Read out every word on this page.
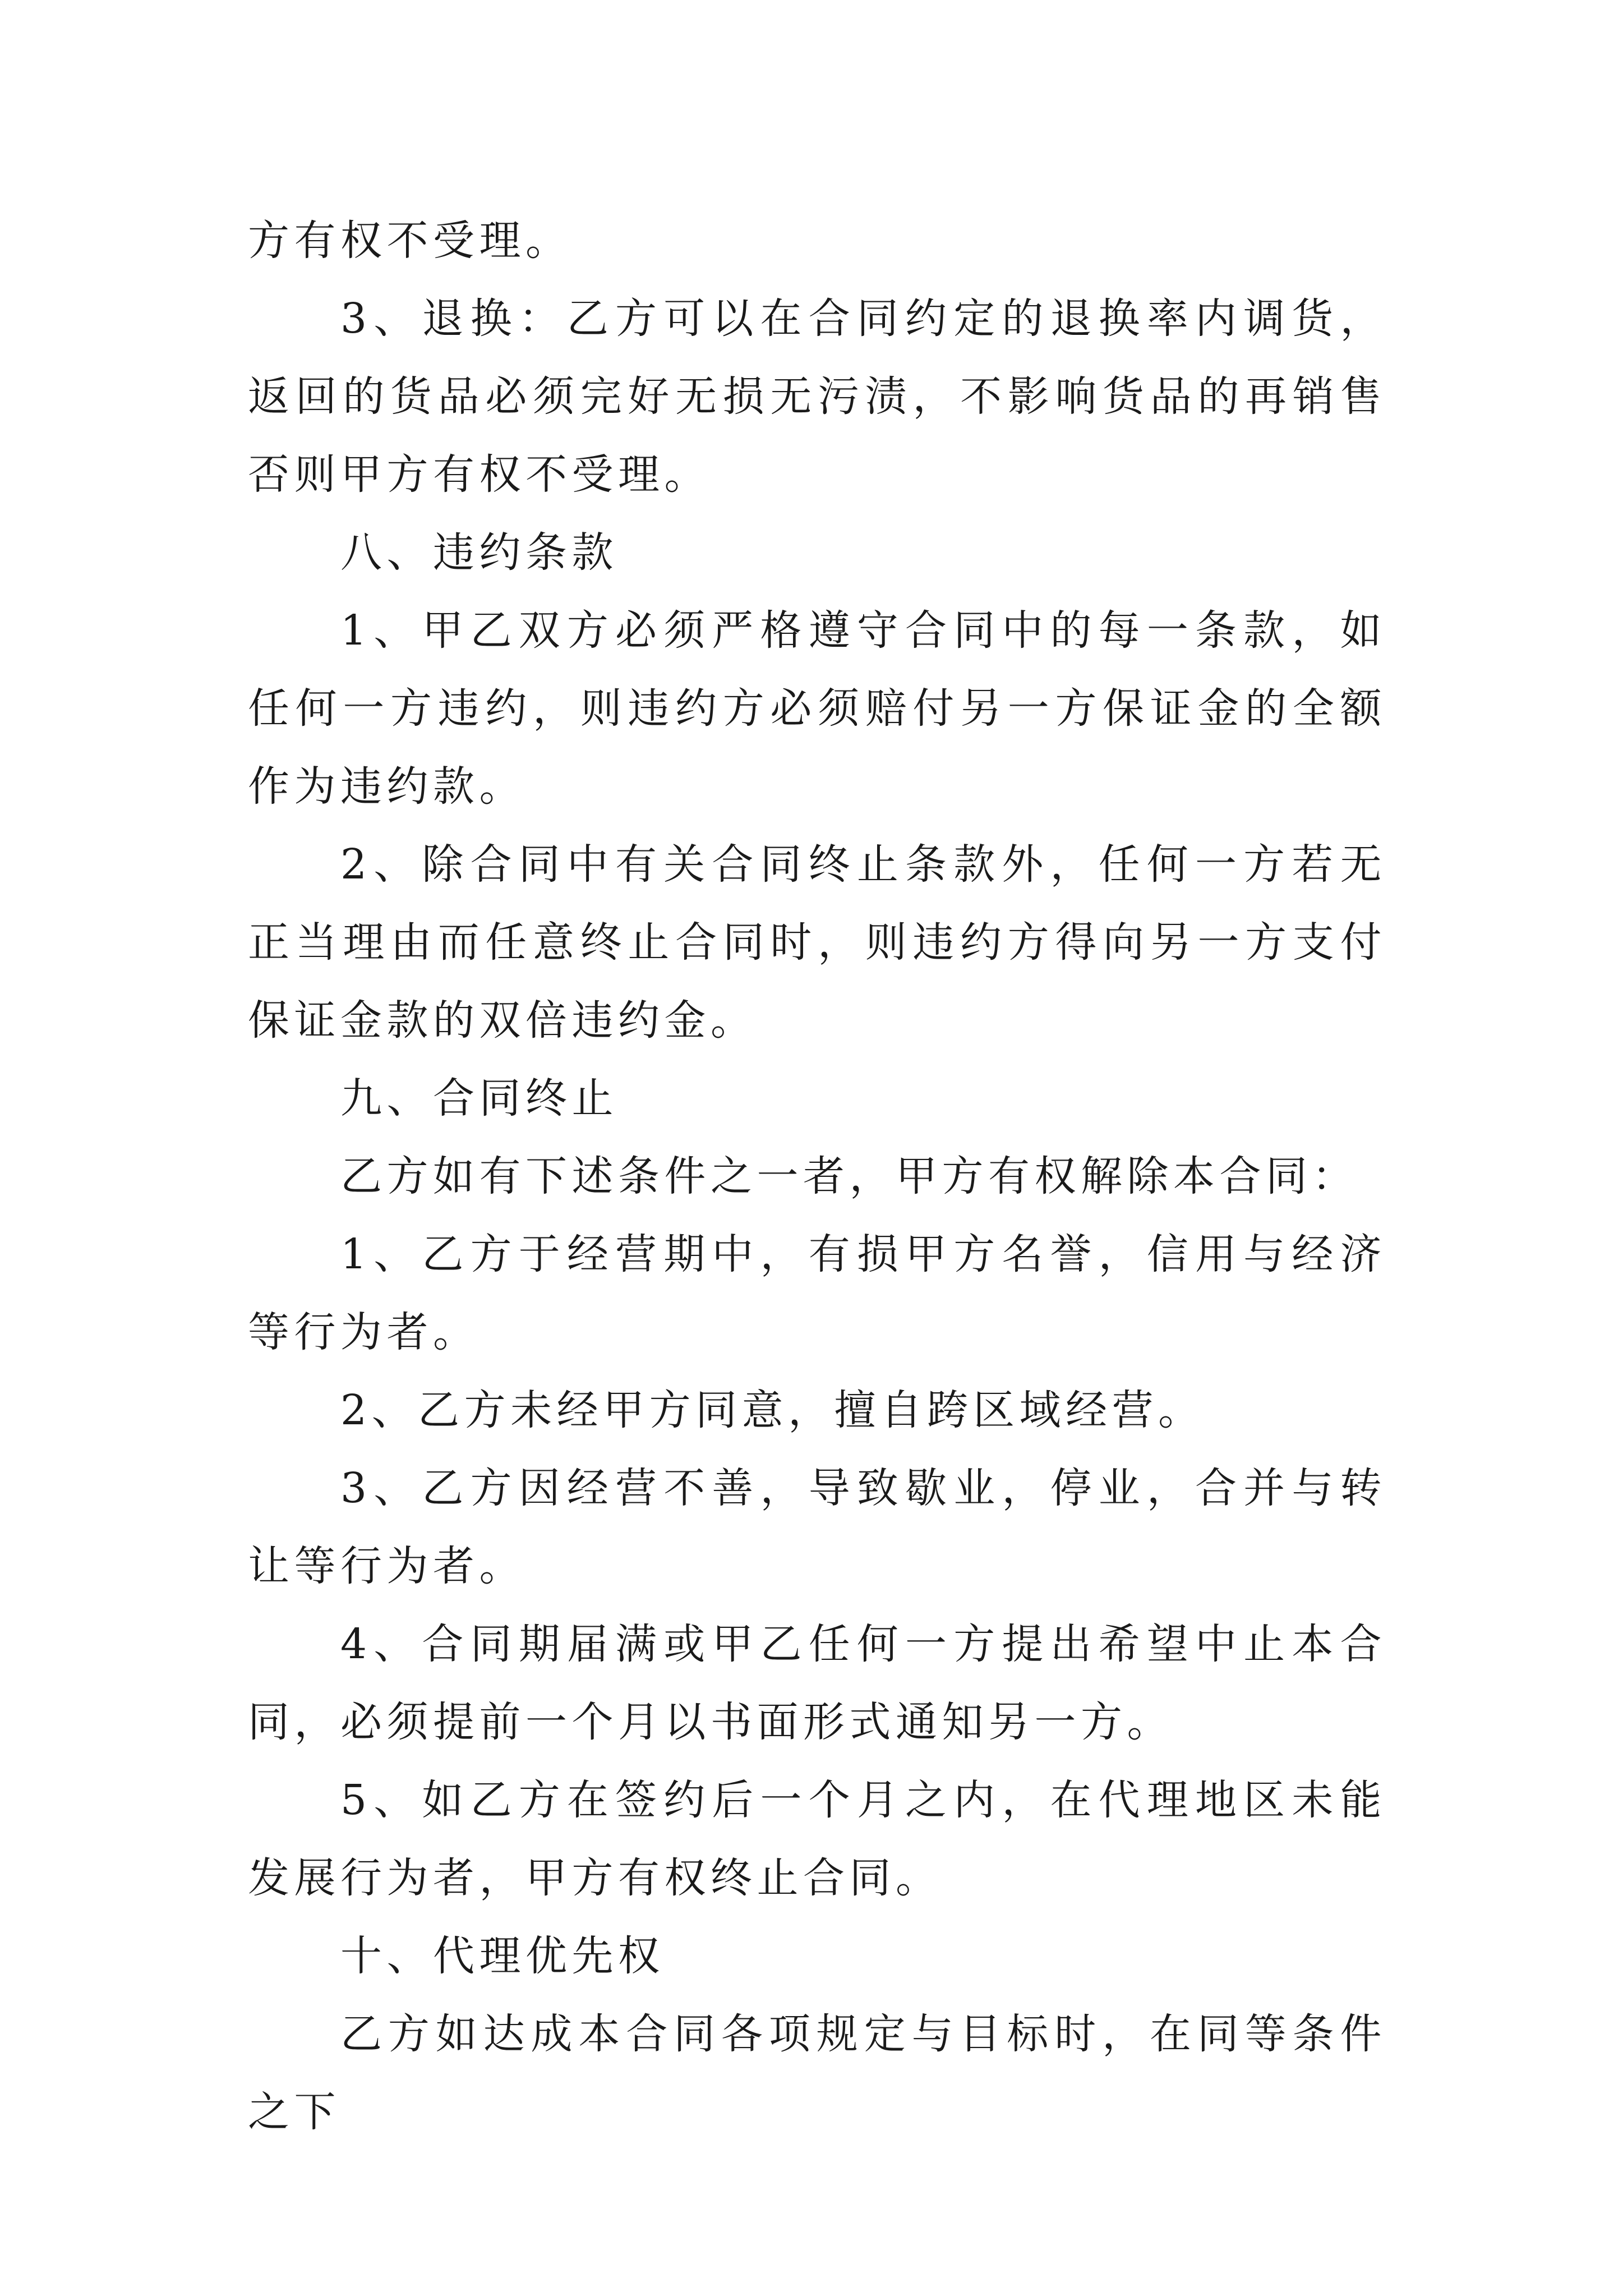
方有权不受理。

3、退换：乙方可以在合同约定的退换率内调货，返回的货品必须完好无损无污渍，不影响货品的再销售否则甲方有权不受理。

八、违约条款

1、甲乙双方必须严格遵守合同中的每一条款，如任何一方违约，则违约方必须赔付另一方保证金的全额作为违约款。

2、除合同中有关合同终止条款外，任何一方若无正当理由而任意终止合同时，则违约方得向另一方支付保证金款的双倍违约金。

九、合同终止

乙方如有下述条件之一者，甲方有权解除本合同：

1、乙方于经营期中，有损甲方名誉，信用与经济等行为者。

2、乙方未经甲方同意，擅自跨区域经营。

3、乙方因经营不善，导致歇业，停业，合并与转让等行为者。

4、合同期届满或甲乙任何一方提出希望中止本合同，必须提前一个月以书面形式通知另一方。

5、如乙方在签约后一个月之内，在代理地区未能发展行为者，甲方有权终止合同。

十、代理优先权

乙方如达成本合同各项规定与目标时，在同等条件之下
